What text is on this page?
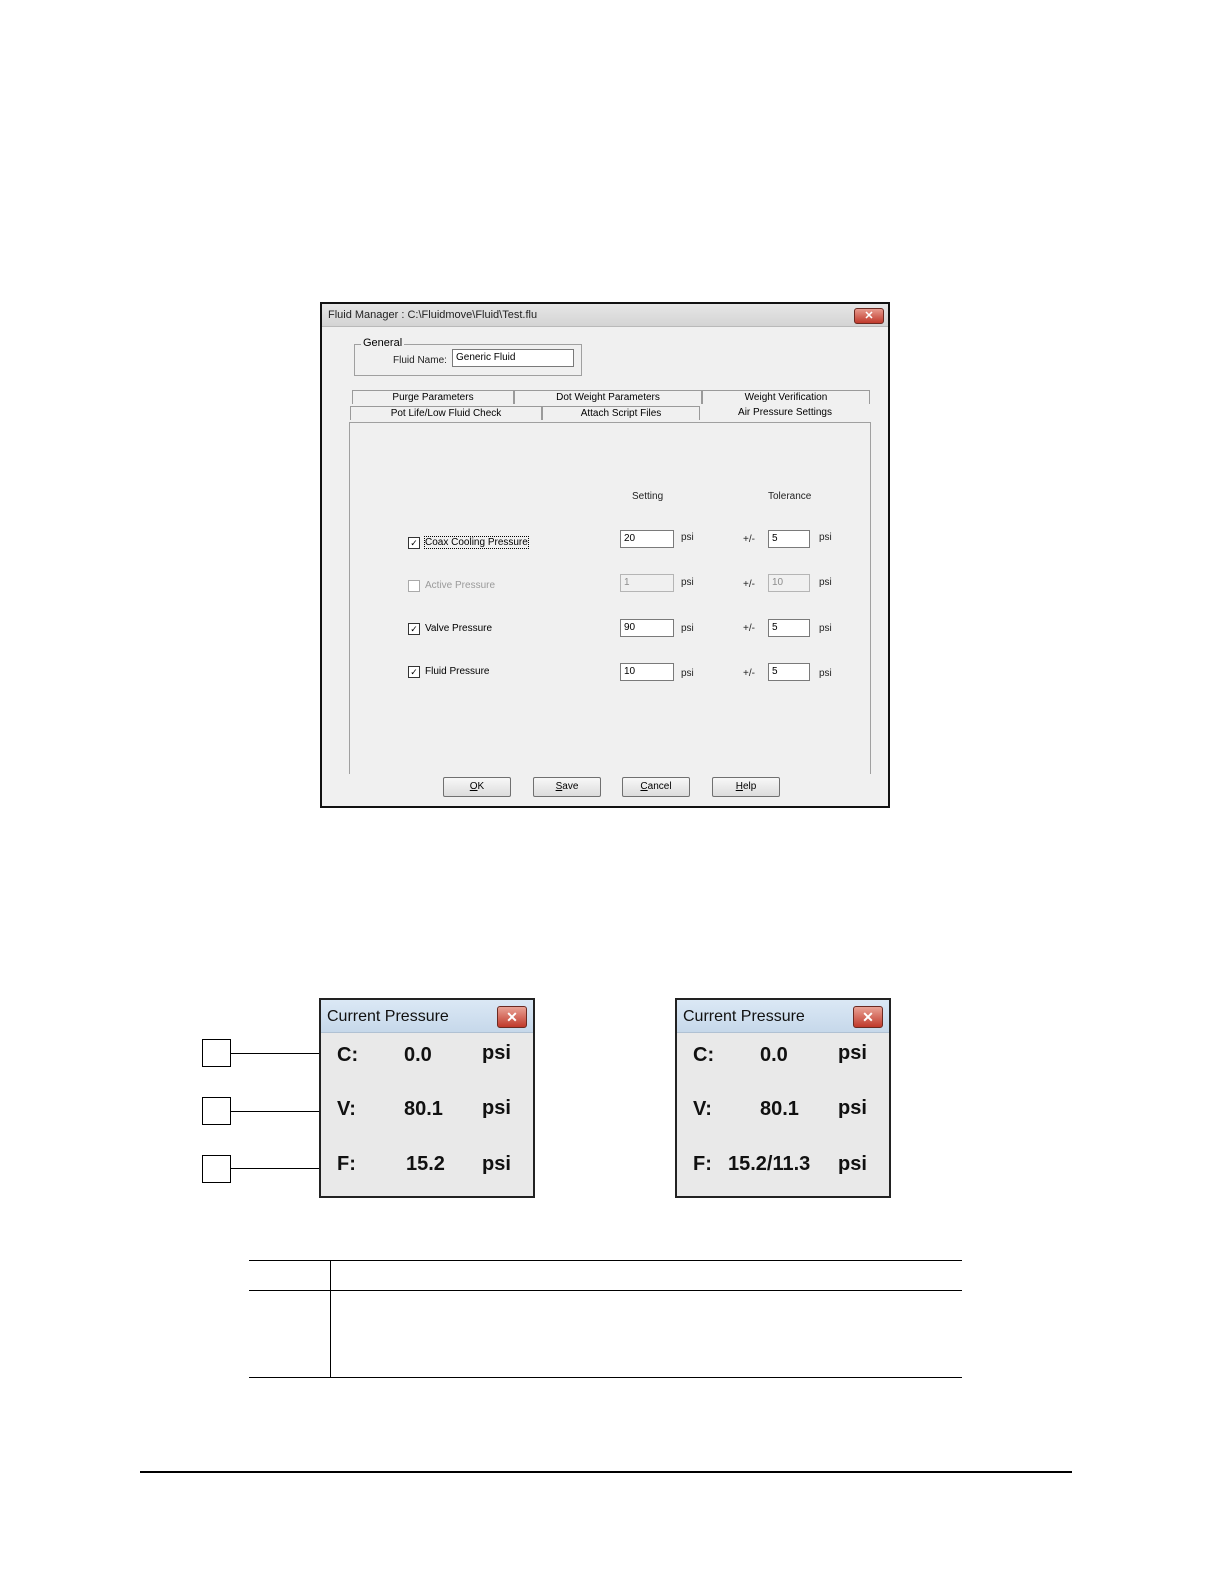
Fluid Manager : C:\Fluidmove\Fluid\Test.flu	✕
General
Fluid Name: Generic Fluid
Purge Parameters	Dot Weight Parameters	Weight Verification
Pot Life/Low Fluid Check	Attach Script Files	Air Pressure Settings
Setting	Tolerance
✓ Coax Cooling Pressure	20	psi	+/-	5	psi
Active Pressure	1	psi	+/-	10	psi
✓ Valve Pressure	90	psi	+/-	5	psi
✓ Fluid Pressure	10	psi	+/-	5	psi
OK	Save	Cancel	Help
Current Pressure	✕
C: 0.0	psi
V: 80.1 psi
F:	15.2 psi
Current Pressure	✕
C: 0.0	psi
V: 80.1 psi
F: 15.2/11.3 psi
